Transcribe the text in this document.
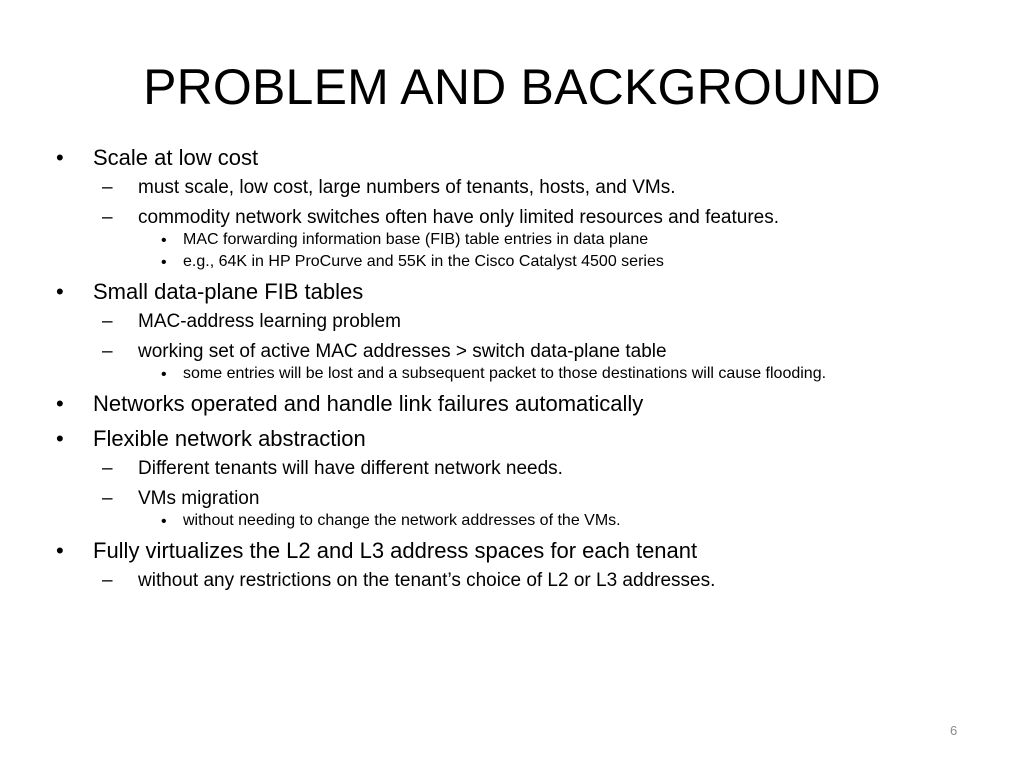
PROBLEM AND BACKGROUND
• Scale at low cost
– must scale, low cost, large numbers of tenants, hosts, and VMs.
– commodity network switches often have only limited resources and features.
• MAC forwarding information base (FIB) table entries in data plane
• e.g., 64K in HP ProCurve and 55K in the Cisco Catalyst 4500 series
• Small data-plane FIB tables
– MAC-address learning problem
– working set of active MAC addresses > switch data-plane table
• some entries will be lost and a subsequent packet to those destinations will cause flooding.
• Networks operated and handle link failures automatically
• Flexible network abstraction
– Different tenants will have different network needs.
– VMs migration
• without needing to change the network addresses of the VMs.
• Fully virtualizes the L2 and L3 address spaces for each tenant
– without any restrictions on the tenant’s choice of L2 or L3 addresses.
6
